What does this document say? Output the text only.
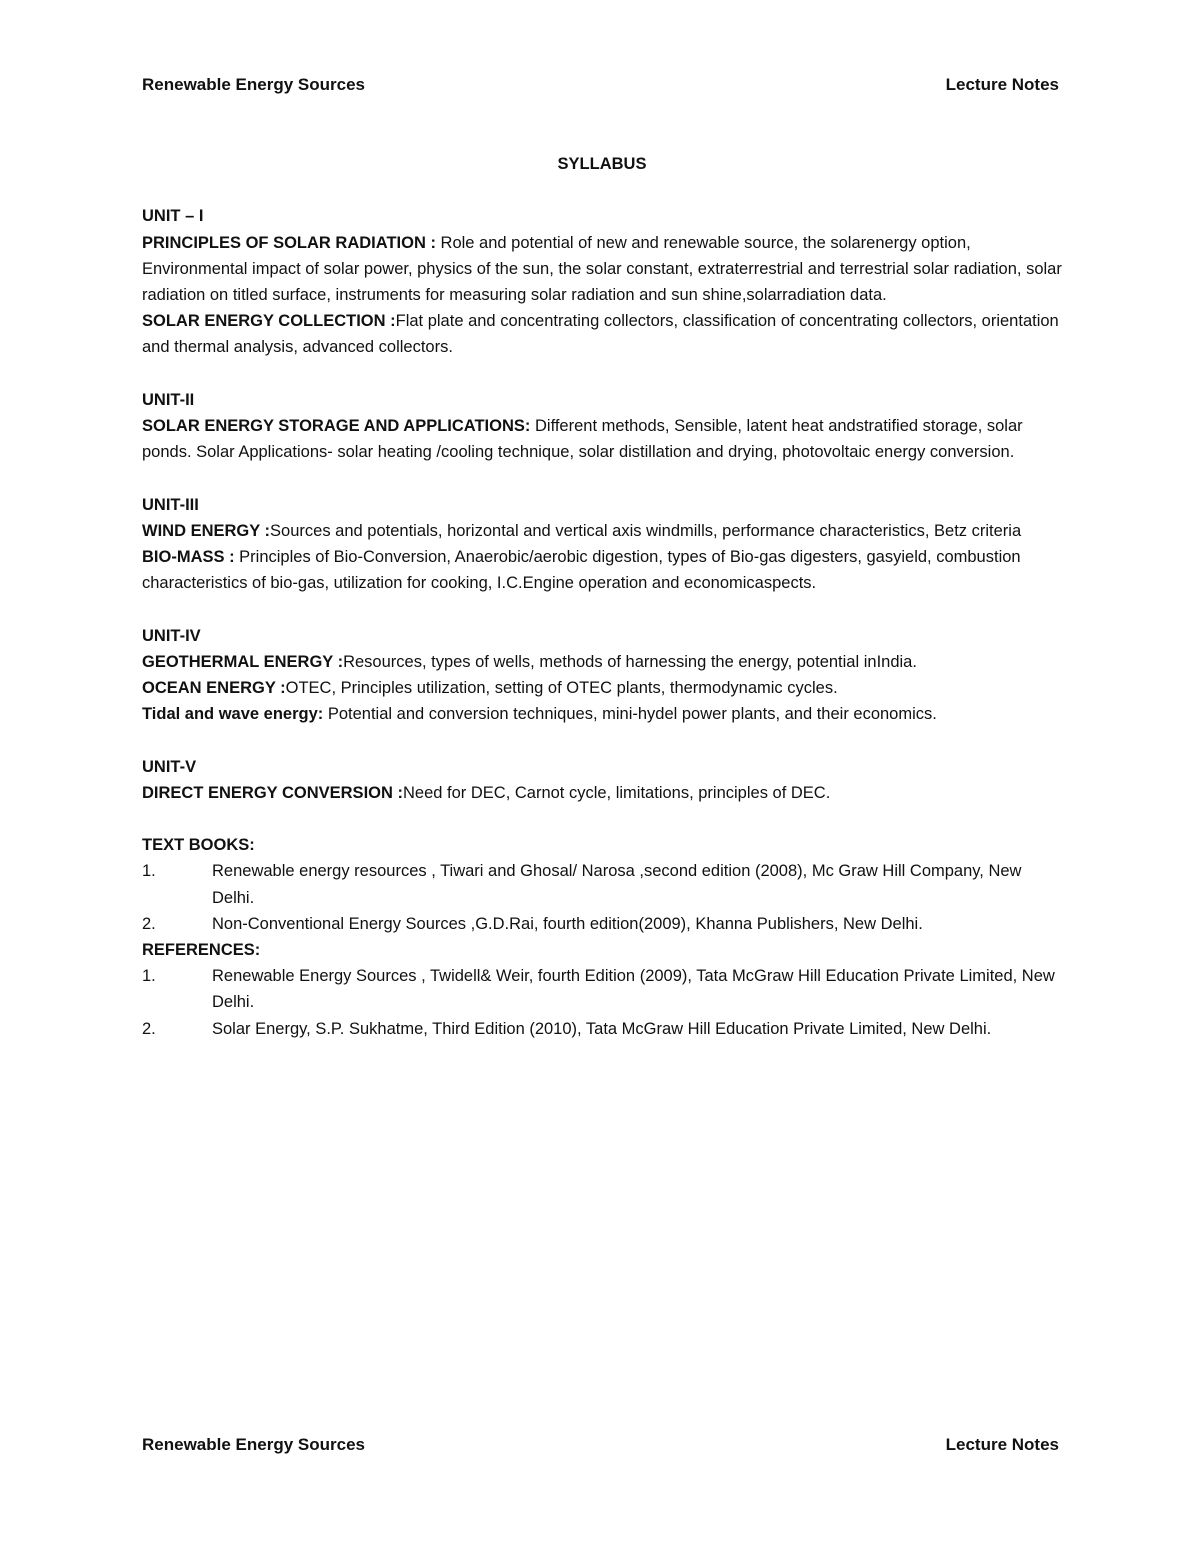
Renewable Energy Sources	Lecture Notes
SYLLABUS
UNIT – I

PRINCIPLES OF SOLAR RADIATION : Role and potential of new and renewable source, the solarenergy option, Environmental impact of solar power, physics of the sun, the solar constant, extraterrestrial and terrestrial solar radiation, solar radiation on titled surface, instruments for measuring solar radiation and sun shine,solarradiation data.

SOLAR ENERGY COLLECTION :Flat plate and concentrating collectors, classification of concentrating collectors, orientation and thermal analysis, advanced collectors.

UNIT-II

SOLAR ENERGY STORAGE AND APPLICATIONS: Different methods, Sensible, latent heat andstratified storage, solar ponds. Solar Applications- solar heating /cooling technique, solar distillation and drying, photovoltaic energy conversion.

UNIT-III

WIND ENERGY :Sources and potentials, horizontal and vertical axis windmills, performance characteristics, Betz criteria

BIO-MASS : Principles of Bio-Conversion, Anaerobic/aerobic digestion, types of Bio-gas digesters, gasyield, combustion characteristics of bio-gas, utilization for cooking, I.C.Engine operation and economicaspects.

UNIT-IV

GEOTHERMAL ENERGY :Resources, types of wells, methods of harnessing the energy, potential inIndia.

OCEAN ENERGY :OTEC, Principles utilization, setting of OTEC plants, thermodynamic cycles.

Tidal and wave energy: Potential and conversion techniques, mini-hydel power plants, and their economics.

UNIT-V

DIRECT ENERGY CONVERSION :Need for DEC, Carnot cycle, limitations, principles of DEC.

TEXT BOOKS:
1.	Renewable energy resources , Tiwari and Ghosal/ Narosa ,second edition (2008), Mc Graw Hill Company, New Delhi.
2.	Non-Conventional Energy Sources ,G.D.Rai, fourth edition(2009), Khanna Publishers, New Delhi.
REFERENCES:
1.	Renewable Energy Sources , Twidell& Weir, fourth Edition (2009), Tata McGraw Hill Education Private Limited, New Delhi.
2.	Solar Energy, S.P. Sukhatme, Third Edition (2010), Tata McGraw Hill Education Private Limited, New Delhi.
Renewable Energy Sources	Lecture Notes
